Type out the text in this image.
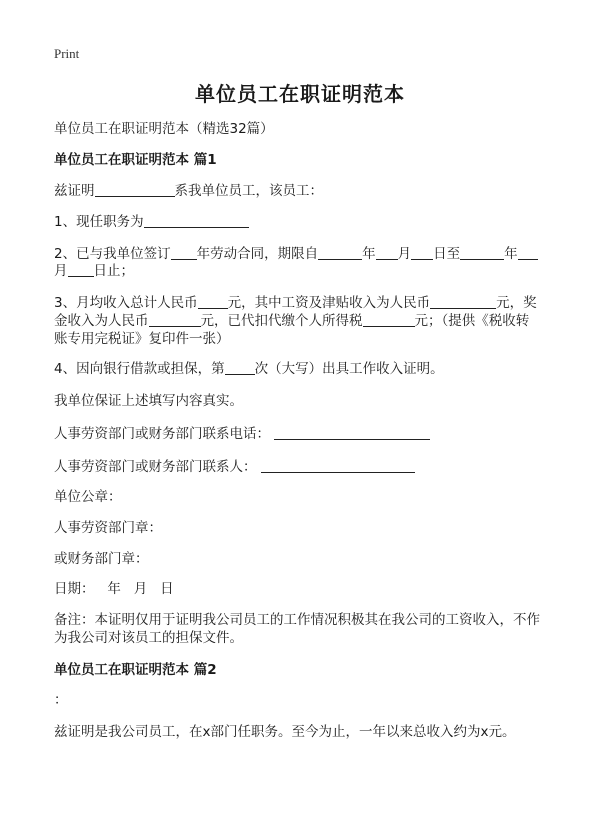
Print
单位员工在职证明范本
单位员工在职证明范本（精选32篇）
单位员工在职证明范本 篇1
兹证明	系我单位员工，该员工：
1、现任职务为
2、已与我单位签订 年劳动合同，期限自	年 月 日至	年
月 日止；
3、月均收入总计人民币 元，其中工资及津贴收入为人民币	元，奖
金收入为人民币	元，已代扣代缴个人所得税	元；（提供《税收转
账专用完税证》复印件一张）
4、因向银行借款或担保，第 次（大写）出具工作收入证明。
我单位保证上述填写内容真实。
人事劳资部门或财务部门联系电话：
人事劳资部门或财务部门联系人：
单位公章：
人事劳资部门章：
或财务部门章：
日期：   年   月   日
备注：本证明仅用于证明我公司员工的工作情况积极其在我公司的工资收入，不作
为我公司对该员工的担保文件。
单位员工在职证明范本 篇2
：
兹证明是我公司员工，在x部门任职务。至今为止，一年以来总收入约为x元。
